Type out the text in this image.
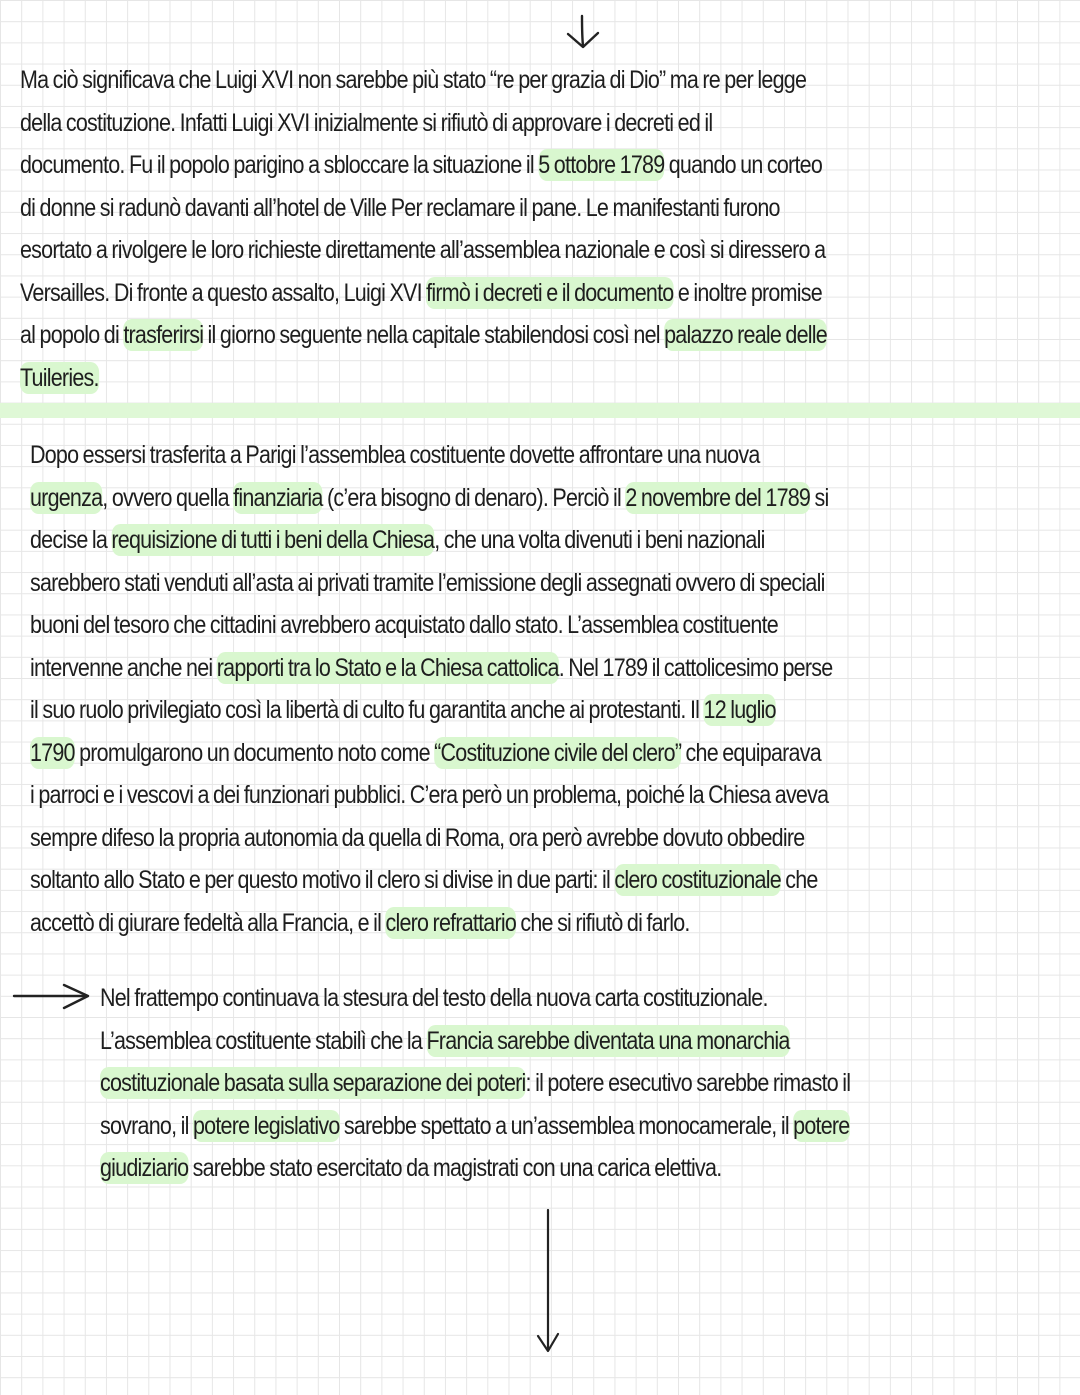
Ma ciò significava che Luigi XVI non sarebbe più stato “re per grazia di Dio” ma re per legge
della costituzione. Infatti Luigi XVI inizialmente si rifiutò di approvare i decreti ed il
documento. Fu il popolo parigino a sbloccare la situazione il 5 ottobre 1789 quando un corteo
di donne si radunò davanti all’hotel de Ville Per reclamare il pane. Le manifestanti furono
esortato a rivolgere le loro richieste direttamente all’assemblea nazionale e così si diressero a
Versailles. Di fronte a questo assalto, Luigi XVI firmò i decreti e il documento e inoltre promise
al popolo di trasferirsi il giorno seguente nella capitale stabilendosi così nel palazzo reale delle
Tuileries.
Dopo essersi trasferita a Parigi l’assemblea costituente dovette affrontare una nuova
urgenza, ovvero quella finanziaria (c’era bisogno di denaro). Perciò il 2 novembre del 1789 si
decise la requisizione di tutti i beni della Chiesa, che una volta divenuti i beni nazionali
sarebbero stati venduti all’asta ai privati tramite l’emissione degli assegnati ovvero di speciali
buoni del tesoro che cittadini avrebbero acquistato dallo stato. L’assemblea costituente
intervenne anche nei rapporti tra lo Stato e la Chiesa cattolica. Nel 1789 il cattolicesimo perse
il suo ruolo privilegiato così la libertà di culto fu garantita anche ai protestanti. Il 12 luglio
1790 promulgarono un documento noto come “Costituzione civile del clero” che equiparava
i parroci e i vescovi a dei funzionari pubblici. C’era però un problema, poiché la Chiesa aveva
sempre difeso la propria autonomia da quella di Roma, ora però avrebbe dovuto obbedire
soltanto allo Stato e per questo motivo il clero si divise in due parti: il clero costituzionale che
accettò di giurare fedeltà alla Francia, e il clero refrattario che si rifiutò di farlo.
Nel frattempo continuava la stesura del testo della nuova carta costituzionale.
L’assemblea costituente stabilì che la Francia sarebbe diventata una monarchia
costituzionale basata sulla separazione dei poteri: il potere esecutivo sarebbe rimasto il
sovrano, il potere legislativo sarebbe spettato a un’assemblea monocamerale, il potere
giudiziario sarebbe stato esercitato da magistrati con una carica elettiva.
